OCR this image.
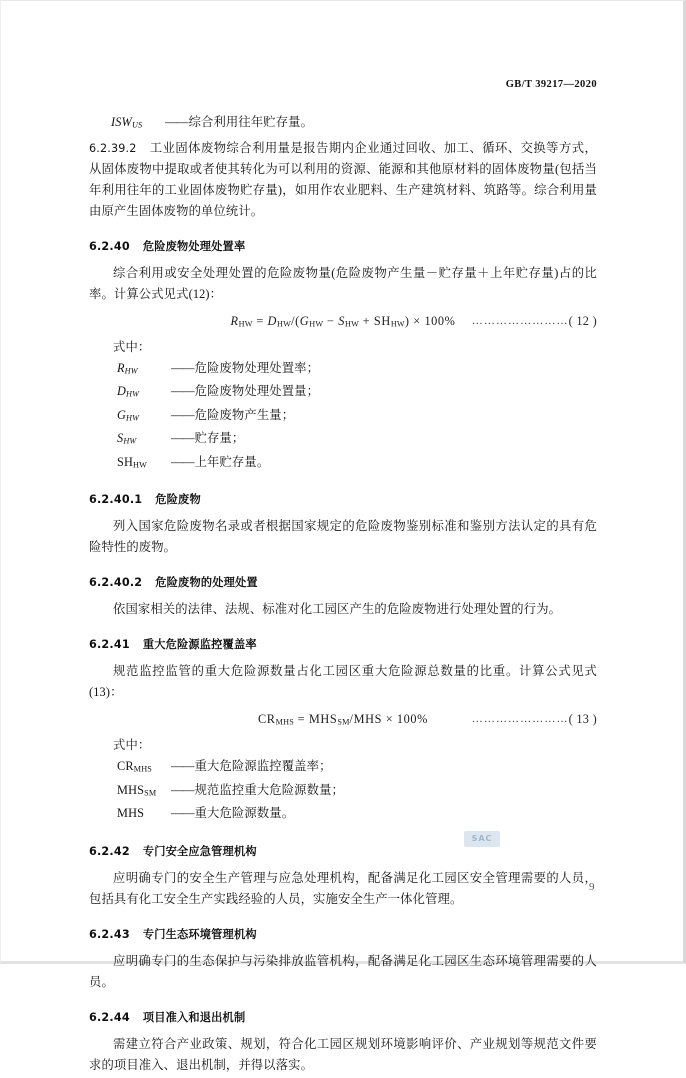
GB/T 39217—2020
$ISW_{US}$ ——综合利用往年贮存量。
6.2.39.2 工业固体废物综合利用量是报告期内企业通过回收、加工、循环、交换等方式，从固体废物中提取或者使其转化为可以利用的资源、能源和其他原材料的固体废物量(包括当年利用往年的工业固体废物贮存量)，如用作农业肥料、生产建筑材料、筑路等。综合利用量由原产生固体废物的单位统计。
6.2.40 危险废物处理处置率
综合利用或安全处理处置的危险废物量(危险废物产生量－贮存量＋上年贮存量)占的比率。计算公式见式(12)：
$R_{HW} = D_{HW}/(G_{HW} - S_{HW} + SH_{HW}) \times 100\%$ ……………………( 12 )
式中：
$R_{HW}$	——危险废物处理处置率；
$D_{HW}$	——危险废物处理处置量；
$G_{HW}$	——危险废物产生量；
$S_{HW}$	——贮存量；
$SH_{HW}$ ——上年贮存量。
6.2.40.1 危险废物
列入国家危险废物名录或者根据国家规定的危险废物鉴别标准和鉴别方法认定的具有危险特性的废物。
6.2.40.2 危险废物的处理处置
依国家相关的法律、法规、标准对化工园区产生的危险废物进行处理处置的行为。
6.2.41 重大危险源监控覆盖率
规范监控监管的重大危险源数量占化工园区重大危险源总数量的比重。计算公式见式(13)：
$CR_{MHS} = MHS_{SM}/MHS \times 100\%$	……………………( 13 )
式中：
$CR_{MHS}$ ——重大危险源监控覆盖率；
$MHS_{SM}$ ——规范监控重大危险源数量；
MHS ——重大危险源数量。
6.2.42 专门安全应急管理机构
应明确专门的安全生产管理与应急处理机构，配备满足化工园区安全管理需要的人员，包括具有化工安全生产实践经验的人员，实施安全生产一体化管理。
6.2.43 专门生态环境管理机构
应明确专门的生态保护与污染排放监管机构，配备满足化工园区生态环境管理需要的人员。
6.2.44 项目准入和退出机制
需建立符合产业政策、规划，符合化工园区规划环境影响评价、产业规划等规范文件要求的项目准入、退出机制，并得以落实。
SAC
9
